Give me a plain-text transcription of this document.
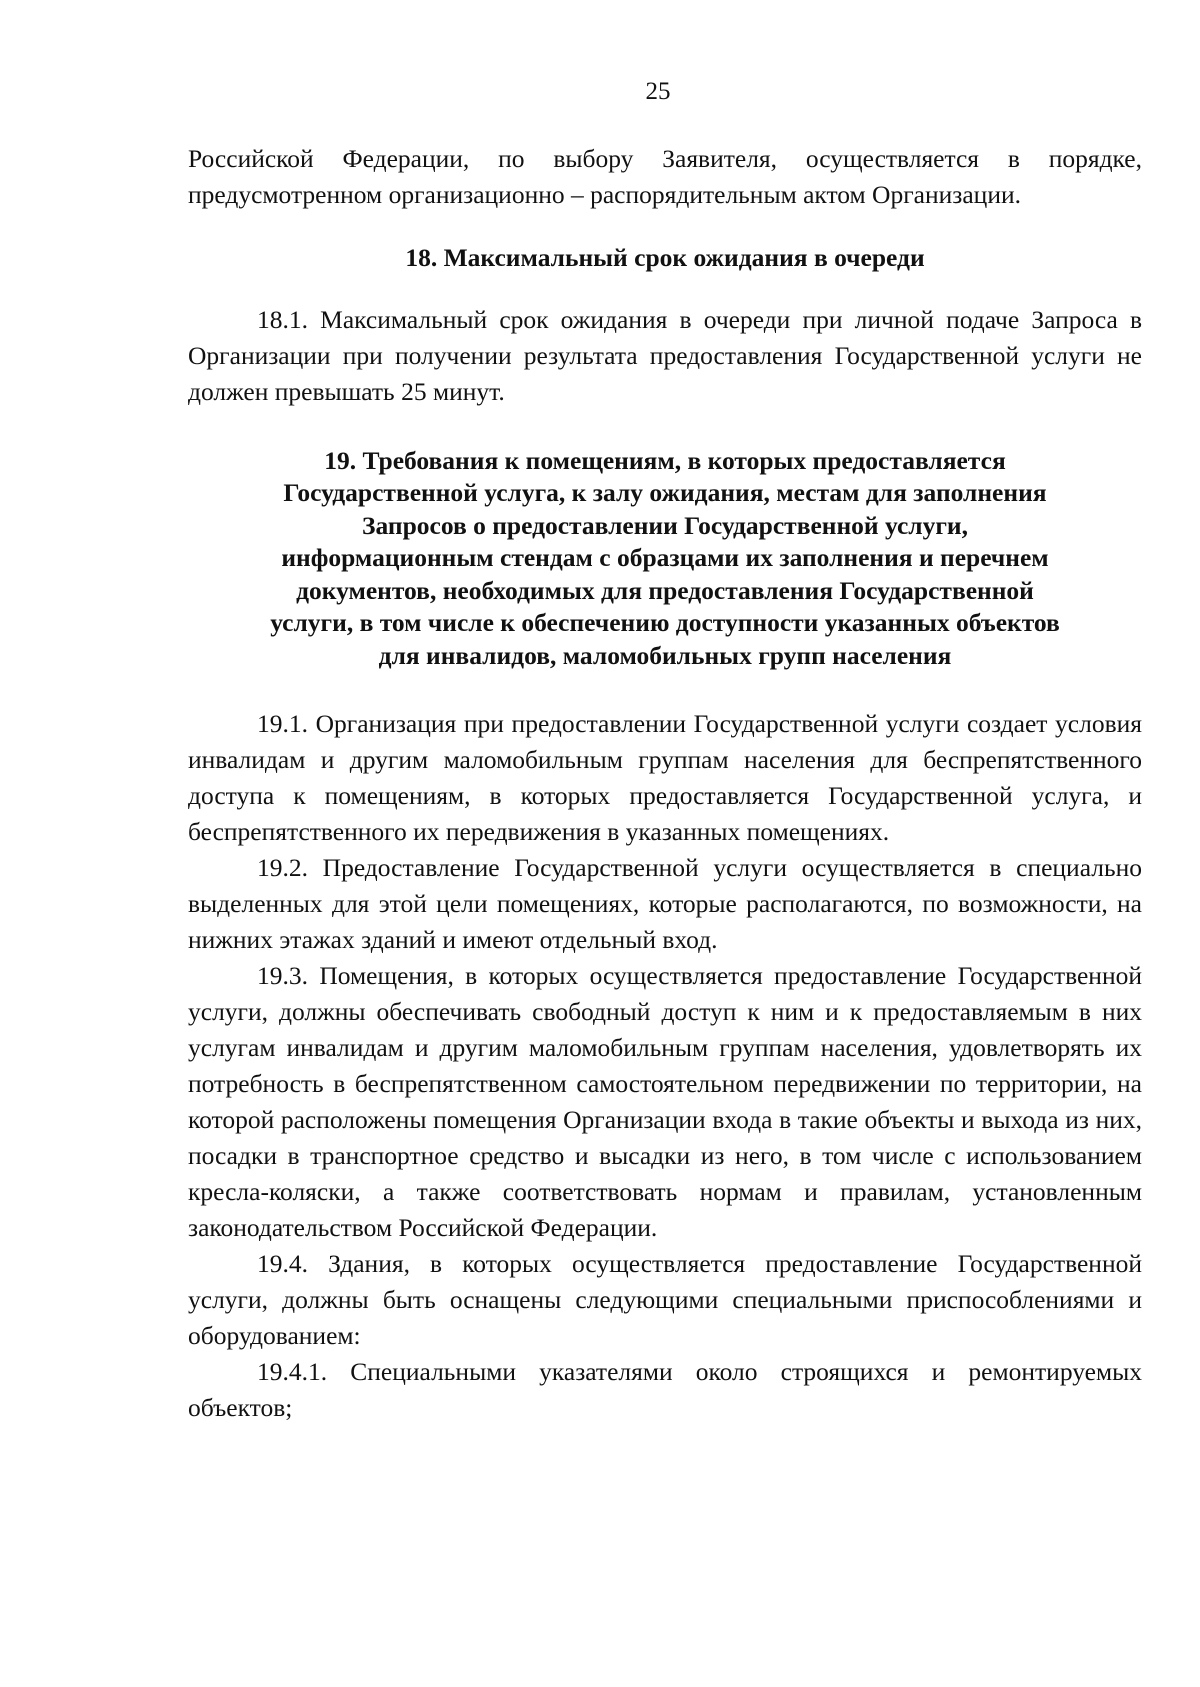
25

Российской Федерации, по выбору Заявителя, осуществляется в порядке, предусмотренном организационно – распорядительным актом Организации.

18. Максимальный срок ожидания в очереди

18.1. Максимальный срок ожидания в очереди при личной подаче Запроса в Организации при получении результата предоставления Государственной услуги не должен превышать 25 минут.

19. Требования к помещениям, в которых предоставляется
Государственной услуга, к залу ожидания, местам для заполнения
Запросов о предоставлении Государственной услуги,
информационным стендам с образцами их заполнения и перечнем
документов, необходимых для предоставления Государственной
услуги, в том числе к обеспечению доступности указанных объектов
для инвалидов, маломобильных групп населения

19.1. Организация при предоставлении Государственной услуги создает условия инвалидам и другим маломобильным группам населения для беспрепятственного доступа к помещениям, в которых предоставляется Государственной услуга, и беспрепятственного их передвижения в указанных помещениях.

19.2. Предоставление Государственной услуги осуществляется в специально выделенных для этой цели помещениях, которые располагаются, по возможности, на нижних этажах зданий и имеют отдельный вход.

19.3. Помещения, в которых осуществляется предоставление Государственной услуги, должны обеспечивать свободный доступ к ним и к предоставляемым в них услугам инвалидам и другим маломобильным группам населения, удовлетворять их потребность в беспрепятственном самостоятельном передвижении по территории, на которой расположены помещения Организации входа в такие объекты и выхода из них, посадки в транспортное средство и высадки из него, в том числе с использованием кресла-коляски, а также соответствовать нормам и правилам, установленным законодательством Российской Федерации.

19.4. Здания, в которых осуществляется предоставление Государственной услуги, должны быть оснащены следующими специальными приспособлениями и оборудованием:

19.4.1. Специальными указателями около строящихся и ремонтируемых объектов;
